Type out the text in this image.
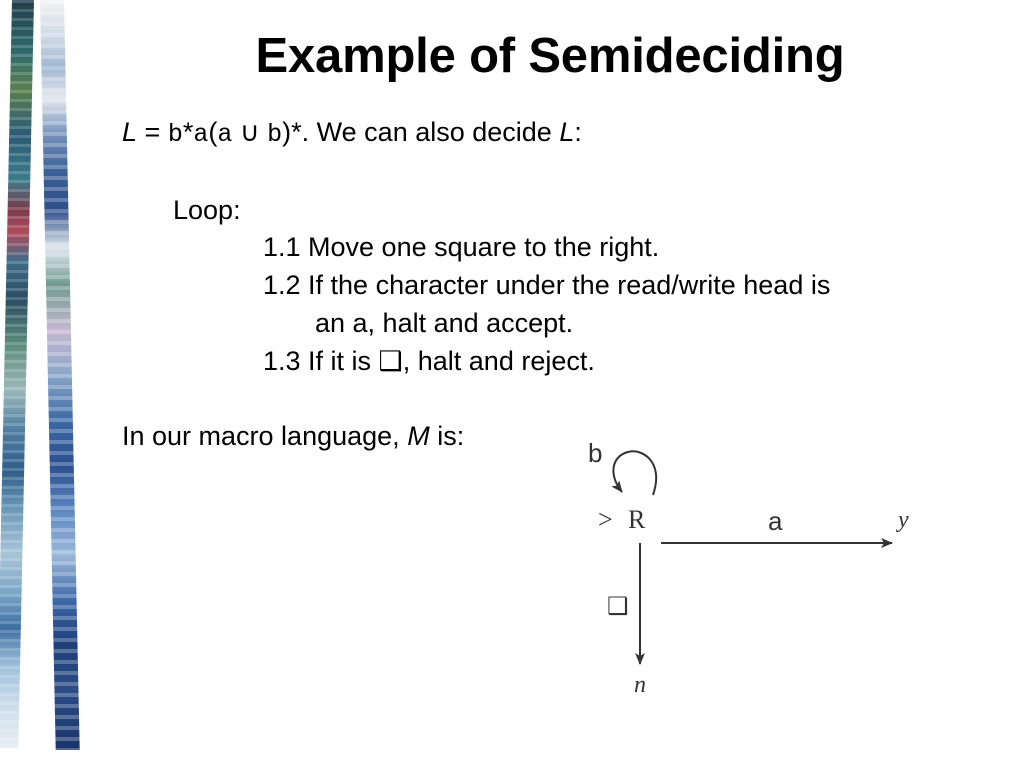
Example of Semideciding
L = b*a(a ∪ b)*. We can also decide L:
Loop:
1.1 Move one square to the right.
1.2 If the character under the read/write head is
an a, halt and accept.
1.3 If it is ❑, halt and reject.
In our macro language, M is:
b
> R	a	y
❑
n
